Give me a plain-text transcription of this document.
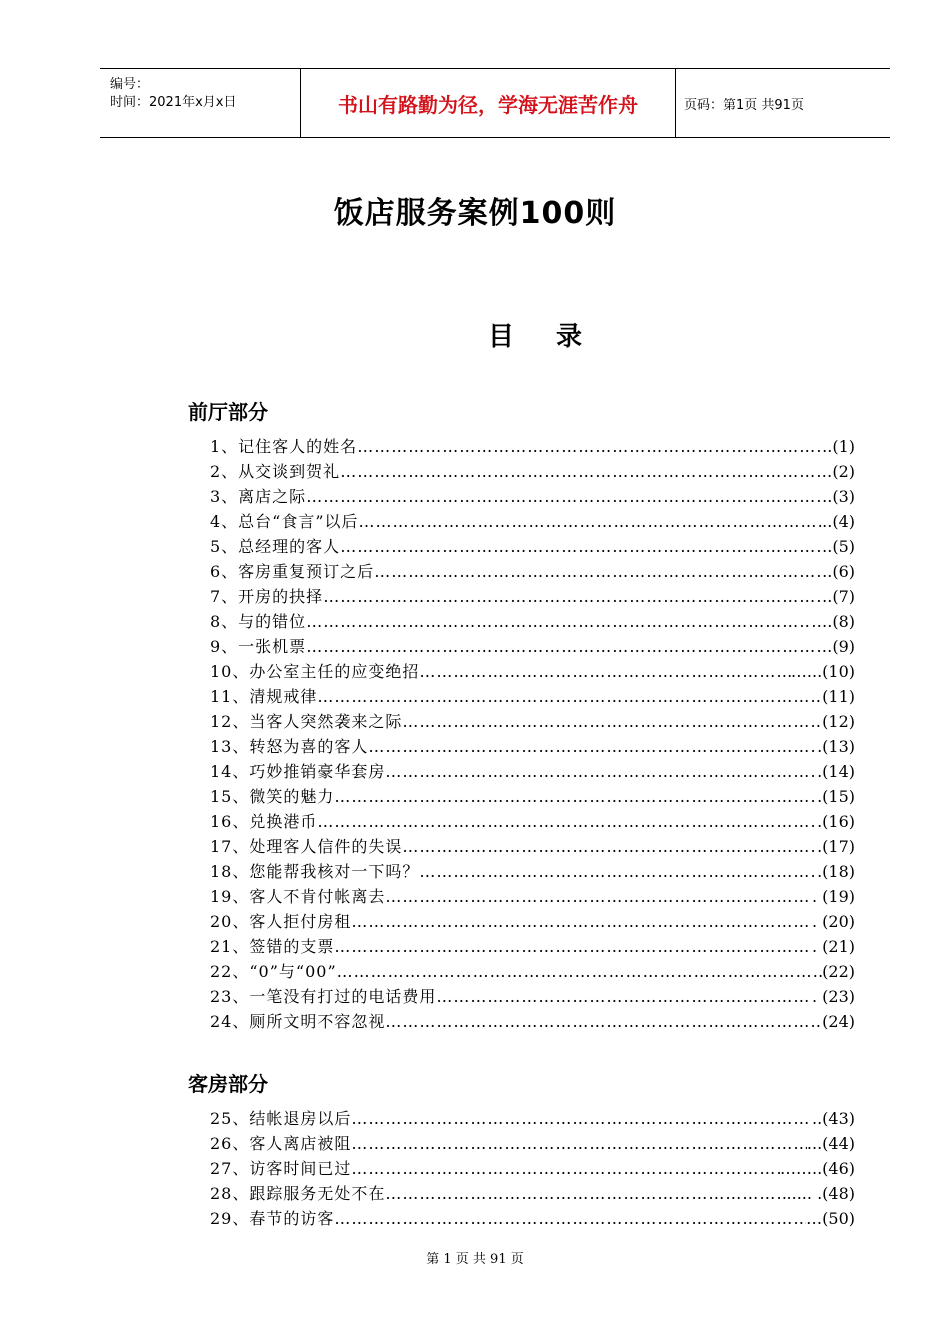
编号：
时间：2021年x月x日	书山有路勤为径，学海无涯苦作舟	页码：第1页 共91页
饭店服务案例100则
目 录
前厅部分
1、记住客人的姓名 …………………………………………………………………………………………………………………………………………………………	..(1)
2、从交谈到贺礼 …………………………………………………………………………………………………………………………………………………………	(2)
3、离店之际 …………………………………………………………………………………………………………………………………………………………	..(3)
4、总台“食言”以后 …………………………………………………………………………………………………………………………………………………………	..(4)
5、总经理的客人 …………………………………………………………………………………………………………………………………………………………	..(5)
6、客房重复预订之后 …………………………………………………………………………………………………………………………………………………………	..(6)
7、开房的抉择 …………………………………………………………………………………………………………………………………………………………	..(7)
8、与的错位 …………………………………………………………………………………………………………………………………………………………	….(8)
9、一张机票 …………………………………………………………………………………………………………………………………………………………	…(9)
10、办公室主任的应变绝招 …………………………………………………………………………………………………………………………………………………………	…...(10)
11、清规戒律 …………………………………………………………………………………………………………………………………………………………	(11)
12、当客人突然袭来之际 …………………………………………………………………………………………………………………………………………………………	(12)
13、转怒为喜的客人 …………………………………………………………………………………………………………………………………………………………	.(13)
14、巧妙推销豪华套房 …………………………………………………………………………………………………………………………………………………………	.(14)
15、微笑的魅力 …………………………………………………………………………………………………………………………………………………………	.(15)
16、兑换港币 …………………………………………………………………………………………………………………………………………………………	.(16)
17、处理客人信件的失误 …………………………………………………………………………………………………………………………………………………………	.(17)
18、您能帮我核对一下吗？ …………………………………………………………………………………………………………………………………………………………	.(18)
19、客人不肯付帐离去 …………………………………………………………………………………………………………………………………………………………	. (19)
20、客人拒付房租 …………………………………………………………………………………………………………………………………………………………	. (20)
21、签错的支票 …………………………………………………………………………………………………………………………………………………………	. (21)
22、“0”与“00” …………………………………………………………………………………………………………………………………………………………	(22)
23、一笔没有打过的电话费用 …………………………………………………………………………………………………………………………………………………………	. (23)
24、厕所文明不容忽视 …………………………………………………………………………………………………………………………………………………………	(24)
客房部分
25、结帐退房以后 …………………………………………………………………………………………………………………………………………………………	..(43)
26、客人离店被阻 …………………………………………………………………………………………………………………………………………………………	...(44)
27、访客时间已过 …………………………………………………………………………………………………………………………………………………………	……..(46)
28、跟踪服务无处不在 …………………………………………………………………………………………………………………………………………………………	..... .(48)
29、春节的访客 …………………………………………………………………………………………………………………………………………………………	…(50)
第 1 页 共 91 页
